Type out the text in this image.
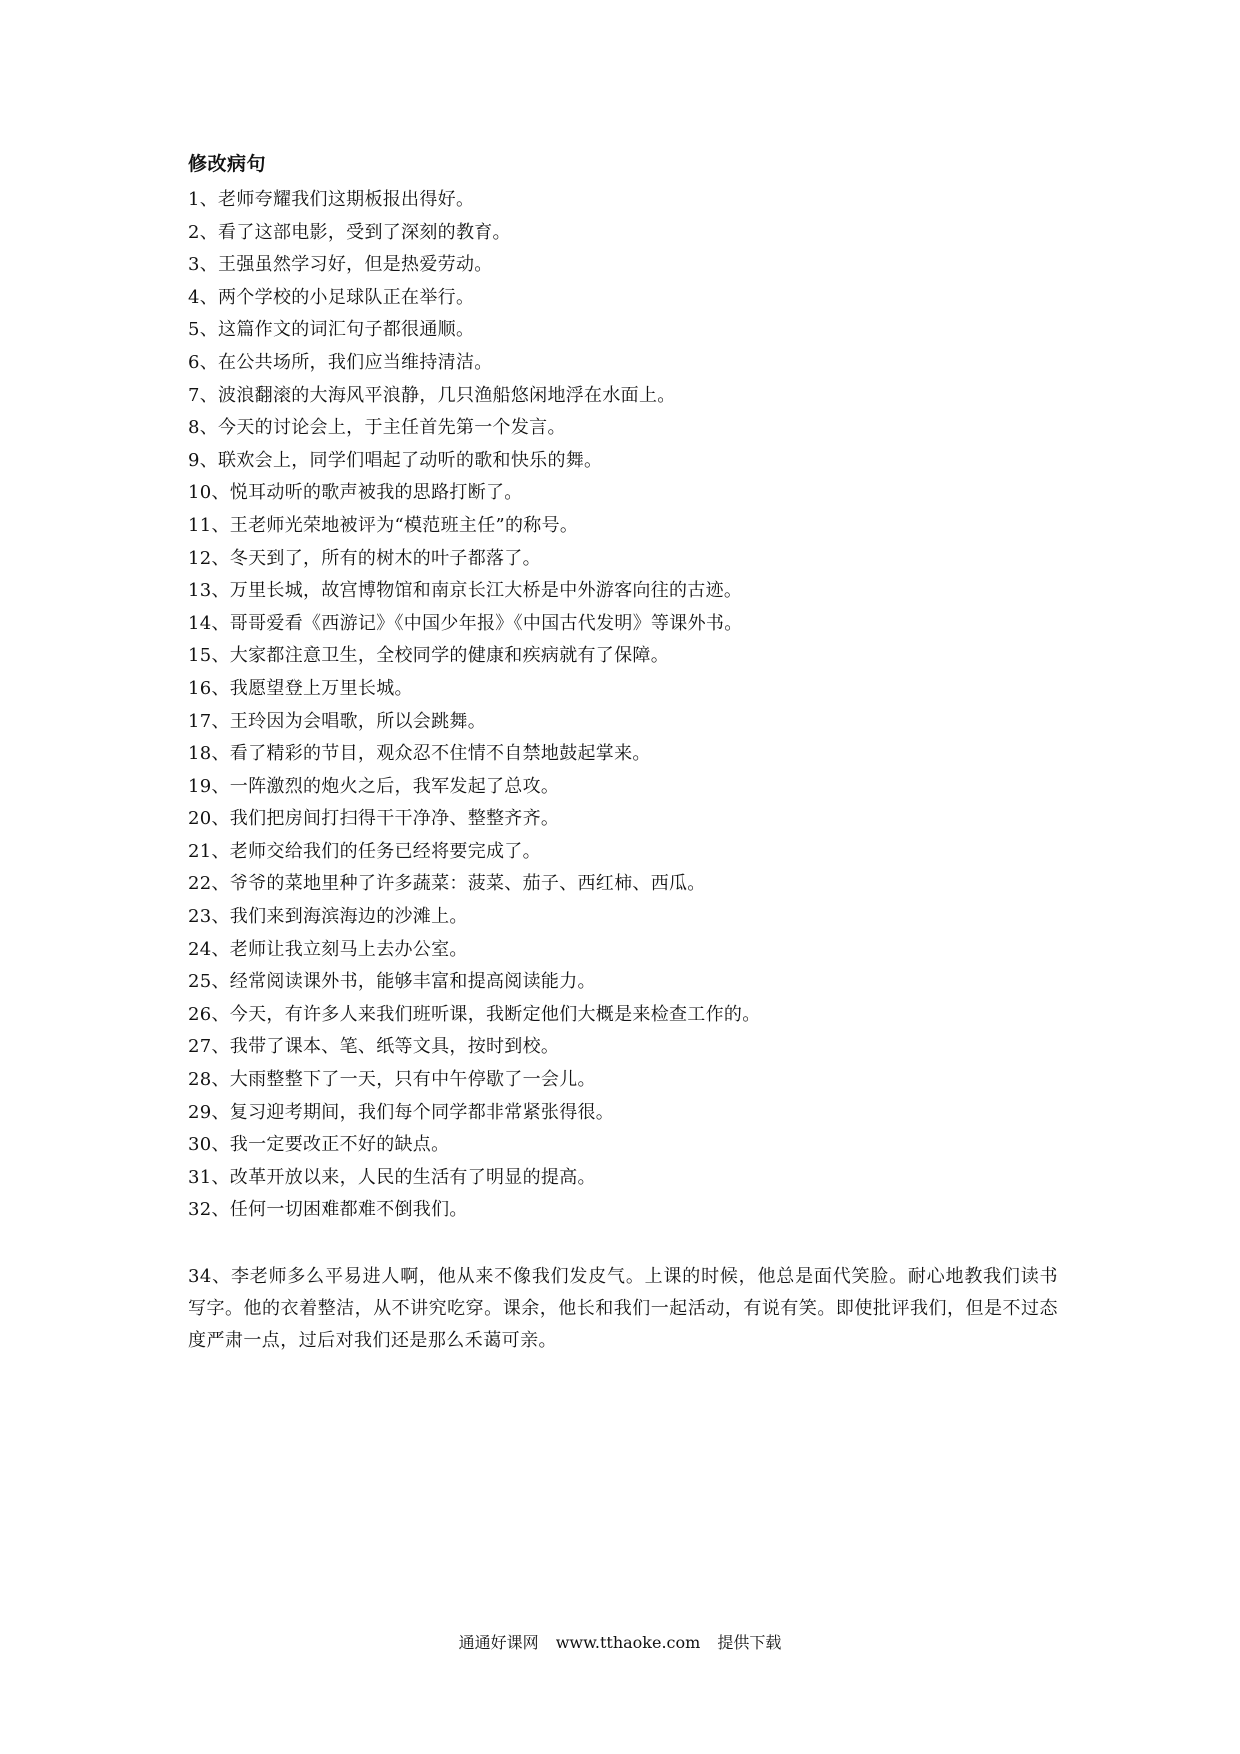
修改病句
1、老师夸耀我们这期板报出得好。
2、看了这部电影，受到了深刻的教育。
3、王强虽然学习好，但是热爱劳动。
4、两个学校的小足球队正在举行。
5、这篇作文的词汇句子都很通顺。
6、在公共场所，我们应当维持清洁。
7、波浪翻滚的大海风平浪静，几只渔船悠闲地浮在水面上。
8、今天的讨论会上，于主任首先第一个发言。
9、联欢会上，同学们唱起了动听的歌和快乐的舞。
10、悦耳动听的歌声被我的思路打断了。
11、王老师光荣地被评为“模范班主任”的称号。
12、冬天到了，所有的树木的叶子都落了。
13、万里长城，故宫博物馆和南京长江大桥是中外游客向往的古迹。
14、哥哥爱看《西游记》《中国少年报》《中国古代发明》等课外书。
15、大家都注意卫生，全校同学的健康和疾病就有了保障。
16、我愿望登上万里长城。
17、王玲因为会唱歌，所以会跳舞。
18、看了精彩的节目，观众忍不住情不自禁地鼓起掌来。
19、一阵激烈的炮火之后，我军发起了总攻。
20、我们把房间打扫得干干净净、整整齐齐。
21、老师交给我们的任务已经将要完成了。
22、爷爷的菜地里种了许多蔬菜：菠菜、茄子、西红柿、西瓜。
23、我们来到海滨海边的沙滩上。
24、老师让我立刻马上去办公室。
25、经常阅读课外书，能够丰富和提高阅读能力。
26、今天，有许多人来我们班听课，我断定他们大概是来检查工作的。
27、我带了课本、笔、纸等文具，按时到校。
28、大雨整整下了一天，只有中午停歇了一会儿。
29、复习迎考期间，我们每个同学都非常紧张得很。
30、我一定要改正不好的缺点。
31、改革开放以来，人民的生活有了明显的提高。
32、任何一切困难都难不倒我们。

34、李老师多么平易进人啊，他从来不像我们发皮气。上课的时候，他总是面代笑脸。耐心地教我们读书写字。他的衣着整洁，从不讲究吃穿。课余，他长和我们一起活动，有说有笑。即使批评我们，但是不过态度严肃一点，过后对我们还是那么禾蔼可亲。

通通好课网 www.tthaoke.com 提供下载
